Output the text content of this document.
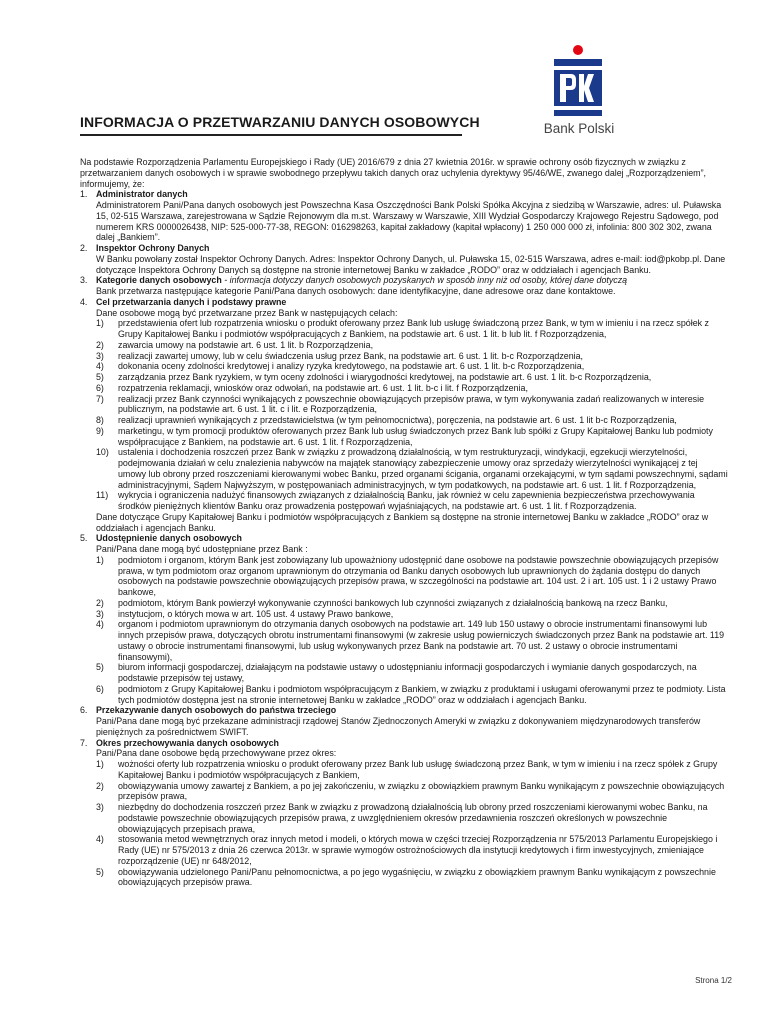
INFORMACJA O PRZETWARZANIU DANYCH OSOBOWYCH
PKO
Bank Polski

Na podstawie Rozporządzenia Parlamentu Europejskiego i Rady (UE) 2016/679 z dnia 27 kwietnia 2016r. w sprawie ochrony osób fizycznych w związku z przetwarzaniem danych osobowych i w sprawie swobodnego przepływu takich danych oraz uchylenia dyrektywy 95/46/WE, zwanego dalej „Rozporządzeniem”, informujemy, że:

1. Administrator danych

Administratorem Pani/Pana danych osobowych jest Powszechna Kasa Oszczędności Bank Polski Spółka Akcyjna z siedzibą w Warszawie, adres: ul. Puławska 15, 02-515 Warszawa, zarejestrowana w Sądzie Rejonowym dla m.st. Warszawy w Warszawie, XIII Wydział Gospodarczy Krajowego Rejestru Sądowego, pod numerem KRS 0000026438, NIP: 525-000-77-38, REGON: 016298263, kapitał zakładowy (kapitał wpłacony) 1 250 000 000 zł, infolinia: 800 302 302, zwana dalej „Bankiem”.

2. Inspektor Ochrony Danych

W Banku powołany został Inspektor Ochrony Danych. Adres: Inspektor Ochrony Danych, ul. Puławska 15, 02-515 Warszawa, adres e-mail: iod@pkobp.pl. Dane dotyczące Inspektora Ochrony Danych są dostępne na stronie internetowej Banku w zakładce „RODO” oraz w oddziałach i agencjach Banku.

3. Kategorie danych osobowych - informacja dotyczy danych osobowych pozyskanych w sposób inny niż od osoby, której dane dotyczą

Bank przetwarza następujące kategorie Pani/Pana danych osobowych: dane identyfikacyjne, dane adresowe oraz dane kontaktowe.

4. Cel przetwarzania danych i podstawy prawne

Dane osobowe mogą być przetwarzane przez Bank w następujących celach:

1)	przedstawienia ofert lub rozpatrzenia wniosku o produkt oferowany przez Bank lub usługę świadczoną przez Bank, w tym w imieniu i na rzecz spółek z Grupy Kapitałowej Banku i podmiotów współpracujących z Bankiem, na podstawie art. 6 ust. 1 lit. b lub lit. f Rozporządzenia,
2)	zawarcia umowy na podstawie art. 6 ust. 1 lit. b Rozporządzenia,
3)	realizacji zawartej umowy, lub w celu świadczenia usług przez Bank, na podstawie art. 6 ust. 1 lit. b-c Rozporządzenia,
4)	dokonania oceny zdolności kredytowej i analizy ryzyka kredytowego, na podstawie art. 6 ust. 1 lit. b-c Rozporządzenia,
5)	zarządzania przez Bank ryzykiem, w tym oceny zdolności i wiarygodności kredytowej, na podstawie art. 6 ust. 1 lit. b-c Rozporządzenia,
6)	rozpatrzenia reklamacji, wniosków oraz odwołań, na podstawie art. 6 ust. 1 lit. b-c i lit. f Rozporządzenia,
7)	realizacji przez Bank czynności wynikających z powszechnie obowiązujących przepisów prawa, w tym wykonywania zadań realizowanych w interesie publicznym, na podstawie art. 6 ust. 1 lit. c i lit. e Rozporządzenia,
8)	realizacji uprawnień wynikających z przedstawicielstwa (w tym pełnomocnictwa), poręczenia, na podstawie art. 6 ust. 1 lit b-c Rozporządzenia,
9)	marketingu, w tym promocji produktów oferowanych przez Bank lub usług świadczonych przez Bank lub spółki z Grupy Kapitałowej Banku lub podmioty współpracujące z Bankiem, na podstawie art. 6 ust. 1 lit. f Rozporządzenia,
10)	ustalenia i dochodzenia roszczeń przez Bank w związku z prowadzoną działalnością, w tym restrukturyzacji, windykacji, egzekucji wierzytelności, podejmowania działań w celu znalezienia nabywców na majątek stanowiący zabezpieczenie umowy oraz sprzedaży wierzytelności wynikającej z tej umowy lub obrony przed roszczeniami kierowanymi wobec Banku, przed organami ścigania, organami orzekającymi, w tym sądami powszechnymi, sądami administracyjnymi, Sądem Najwyższym, w postępowaniach administracyjnych, w tym podatkowych, na podstawie art. 6 ust. 1 lit. f Rozporządzenia,
11)	wykrycia i ograniczenia nadużyć finansowych związanych z działalnością Banku, jak również w celu zapewnienia bezpieczeństwa przechowywania środków pieniężnych klientów Banku oraz prowadzenia postępowań wyjaśniających, na podstawie art. 6 ust. 1 lit. f Rozporządzenia.

Dane dotyczące Grupy Kapitałowej Banku i podmiotów współpracujących z Bankiem są dostępne na stronie internetowej Banku w zakładce „RODO” oraz w oddziałach i agencjach Banku.

5. Udostępnienie danych osobowych

Pani/Pana dane mogą być udostępniane przez Bank :

1)	podmiotom i organom, którym Bank jest zobowiązany lub upoważniony udostępnić dane osobowe na podstawie powszechnie obowiązujących przepisów prawa, w tym podmiotom oraz organom uprawnionym do otrzymania od Banku danych osobowych lub uprawnionych do żądania dostępu do danych osobowych na podstawie powszechnie obowiązujących przepisów prawa, w szczególności na podstawie art. 104 ust. 2 i art. 105 ust. 1 i 2 ustawy Prawo bankowe,
2)	podmiotom, którym Bank powierzył wykonywanie czynności bankowych lub czynności związanych z działalnością bankową na rzecz Banku,
3)	instytucjom, o których mowa w art. 105 ust. 4 ustawy Prawo bankowe,
4)	organom i podmiotom uprawnionym do otrzymania danych osobowych na podstawie art. 149 lub 150 ustawy o obrocie instrumentami finansowymi lub innych przepisów prawa, dotyczących obrotu instrumentami finansowymi (w zakresie usług powierniczych świadczonych przez Bank na podstawie art. 119 ustawy o obrocie instrumentami finansowymi, lub usług wykonywanych przez Bank na podstawie art. 70 ust. 2 ustawy o obrocie instrumentami finansowymi),
5)	biurom informacji gospodarczej, działającym na podstawie ustawy o udostępnianiu informacji gospodarczych i wymianie danych gospodarczych, na podstawie przepisów tej ustawy,
6)	podmiotom z Grupy Kapitałowej Banku i podmiotom współpracującym z Bankiem, w związku z produktami i usługami oferowanymi przez te podmioty. Lista tych podmiotów dostępna jest na stronie internetowej Banku w zakładce „RODO” oraz w oddziałach i agencjach Banku.
6. Przekazywanie danych osobowych do państwa trzeciego

Pani/Pana dane mogą być przekazane administracji rządowej Stanów Zjednoczonych Ameryki w związku z dokonywaniem międzynarodowych transferów pieniężnych za pośrednictwem SWIFT.

7. Okres przechowywania danych osobowych

Pani/Pana dane osobowe będą przechowywane przez okres:

1)	wożności oferty lub rozpatrzenia wniosku o produkt oferowany przez Bank lub usługę świadczoną przez Bank, w tym w imieniu i na rzecz spółek z Grupy Kapitałowej Banku i podmiotów współpracujących z Bankiem,
2)	obowiązywania umowy zawartej z Bankiem, a po jej zakończeniu, w związku z obowiązkiem prawnym Banku wynikającym z powszechnie obowiązujących przepisów prawa,
3)	niezbędny do dochodzenia roszczeń przez Bank w związku z prowadzoną działalnością lub obrony przed roszczeniami kierowanymi wobec Banku, na podstawie powszechnie obowiązujących przepisów prawa, z uwzględnieniem okresów przedawnienia roszczeń określonych w powszechnie obowiązujących przepisach prawa,
4)	stosowania metod wewnętrznych oraz innych metod i modeli, o których mowa w części trzeciej Rozporządzenia nr 575/2013 Parlamentu Europejskiego i Rady (UE) nr 575/2013 z dnia 26 czerwca 2013r. w sprawie wymogów ostrożnościowych dla instytucji kredytowych i firm inwestycyjnych, zmieniające rozporządzenie (UE) nr 648/2012,
5)	obowiązywania udzielonego Pani/Panu pełnomocnictwa, a po jego wygaśnięciu, w związku z obowiązkiem prawnym Banku wynikającym z powszechnie obowiązujących przepisów prawa.
Strona 1/2
